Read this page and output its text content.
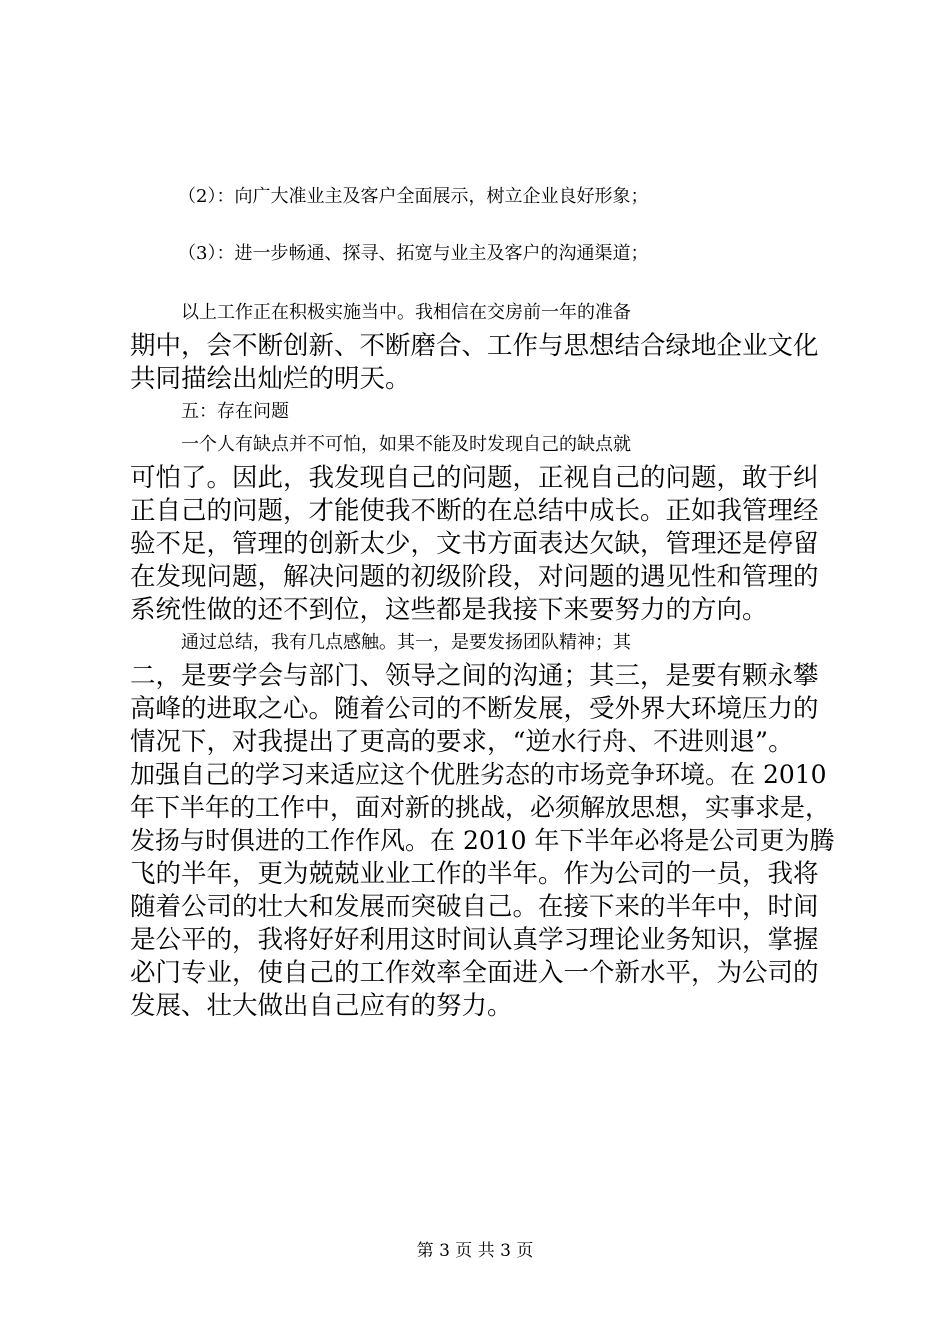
（2）：向广大准业主及客户全面展示，树立企业良好形象；
（3）：进一步畅通、探寻、拓宽与业主及客户的沟通渠道；
以上工作正在积极实施当中。我相信在交房前一年的准备
期中，会不断创新、不断磨合、工作与思想结合绿地企业文化
共同描绘出灿烂的明天。
五：存在问题
一个人有缺点并不可怕，如果不能及时发现自己的缺点就
可怕了。因此，我发现自己的问题，正视自己的问题，敢于纠
正自己的问题，才能使我不断的在总结中成长。正如我管理经
验不足，管理的创新太少，文书方面表达欠缺，管理还是停留
在发现问题，解决问题的初级阶段，对问题的遇见性和管理的
系统性做的还不到位，这些都是我接下来要努力的方向。
通过总结，我有几点感触。其一，是要发扬团队精神；其
二，是要学会与部门、领导之间的沟通；其三，是要有颗永攀
高峰的进取之心。随着公司的不断发展，受外界大环境压力的
情况下，对我提出了更高的要求，“逆水行舟、不进则退”。
加强自己的学习来适应这个优胜劣态的市场竞争环境。在 2010
年下半年的工作中，面对新的挑战，必须解放思想，实事求是，
发扬与时俱进的工作作风。在 2010 年下半年必将是公司更为腾
飞的半年，更为兢兢业业工作的半年。作为公司的一员，我将
随着公司的壮大和发展而突破自己。在接下来的半年中，时间
是公平的，我将好好利用这时间认真学习理论业务知识，掌握
必门专业，使自己的工作效率全面进入一个新水平，为公司的
发展、壮大做出自己应有的努力。
第 3 页 共 3 页
